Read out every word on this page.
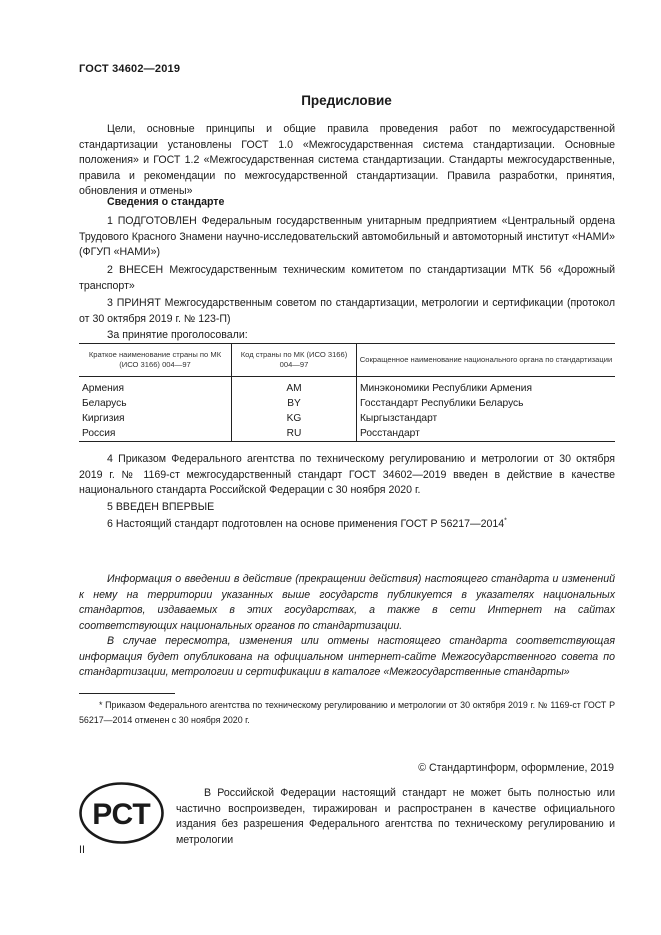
ГОСТ 34602—2019
Предисловие
Цели, основные принципы и общие правила проведения работ по межгосударственной стандартизации установлены ГОСТ 1.0 «Межгосударственная система стандартизации. Основные положения» и ГОСТ 1.2 «Межгосударственная система стандартизации. Стандарты межгосударственные, правила и рекомендации по межгосударственной стандартизации. Правила разработки, принятия, обновления и отмены»
Сведения о стандарте
1 ПОДГОТОВЛЕН Федеральным государственным унитарным предприятием «Центральный ордена Трудового Красного Знамени научно-исследовательский автомобильный и автомоторный институт «НАМИ» (ФГУП «НАМИ»)
2 ВНЕСЕН Межгосударственным техническим комитетом по стандартизации МТК 56 «Дорожный транспорт»
3 ПРИНЯТ Межгосударственным советом по стандартизации, метрологии и сертификации (протокол от 30 октября 2019 г. № 123-П)
За принятие проголосовали:
Краткое наименование страны по МК (ИСО 3166) 004—97	Код страны по МК (ИСО 3166) 004—97	Сокращенное наименование национального органа по стандартизации

Армения	AM	Минэкономики Республики Армения
Беларусь	BY	Госстандарт Республики Беларусь
Киргизия	KG	Кыргызстандарт
Россия	RU	Росстандарт
4 Приказом Федерального агентства по техническому регулированию и метрологии от 30 октября 2019 г. № 1169-ст межгосударственный стандарт ГОСТ 34602—2019 введен в действие в качестве национального стандарта Российской Федерации с 30 ноября 2020 г.
5 ВВЕДЕН ВПЕРВЫЕ
6 Настоящий стандарт подготовлен на основе применения ГОСТ Р 56217—2014*
Информация о введении в действие (прекращении действия) настоящего стандарта и изменений к нему на территории указанных выше государств публикуется в указателях национальных стандартов, издаваемых в этих государствах, а также в сети Интернет на сайтах соответствующих национальных органов по стандартизации.
В случае пересмотра, изменения или отмены настоящего стандарта соответствующая информация будет опубликована на официальном интернет-сайте Межгосударственного совета по стандартизации, метрологии и сертификации в каталоге «Межгосударственные стандарты»
* Приказом Федерального агентства по техническому регулированию и метрологии от 30 октября 2019 г. № 1169-ст ГОСТ Р 56217—2014 отменен с 30 ноября 2020 г.
© Стандартинформ, оформление, 2019
РСТ
В Российской Федерации настоящий стандарт не может быть полностью или частично воспроизведен, тиражирован и распространен в качестве официального издания без разрешения Федерального агентства по техническому регулированию и метрологии
II
